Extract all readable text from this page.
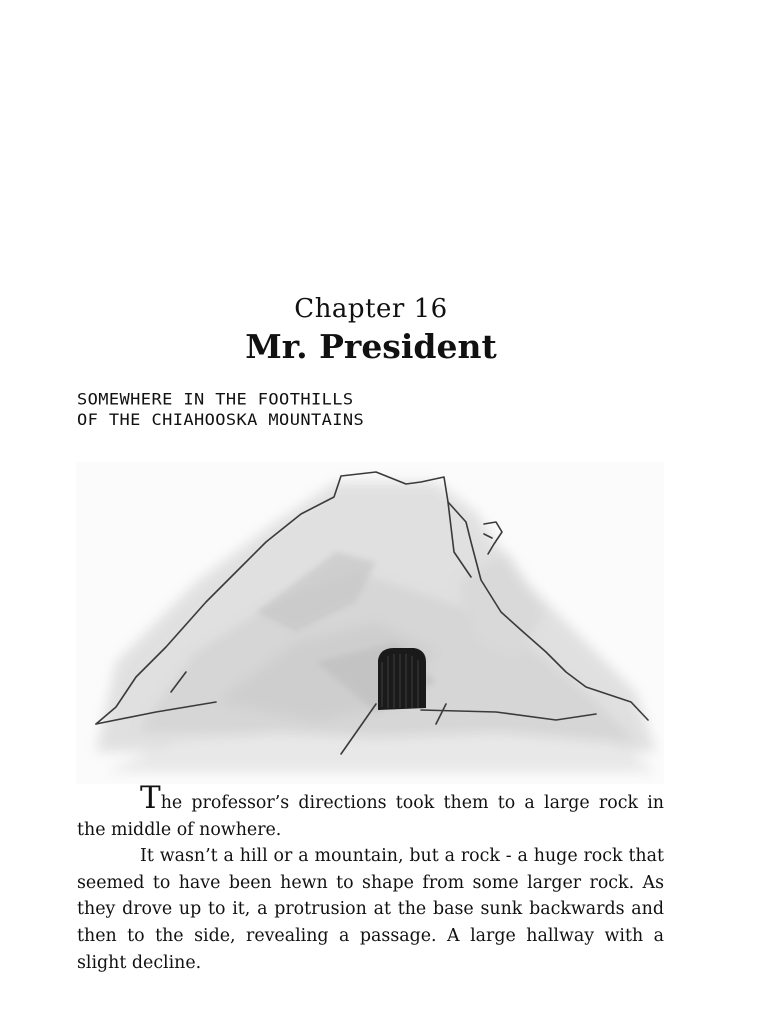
Chapter 16
Mr. President
SOMEWHERE IN THE FOOTHILLS
OF THE CHIAHOOSKA MOUNTAINS

The professor’s directions took them to a large rock in the middle of nowhere.

It wasn’t a hill or a mountain, but a rock - a huge rock that seemed to have been hewn to shape from some larger rock. As they drove up to it, a protrusion at the base sunk backwards and then to the side, revealing a passage. A large hallway with a slight decline.
